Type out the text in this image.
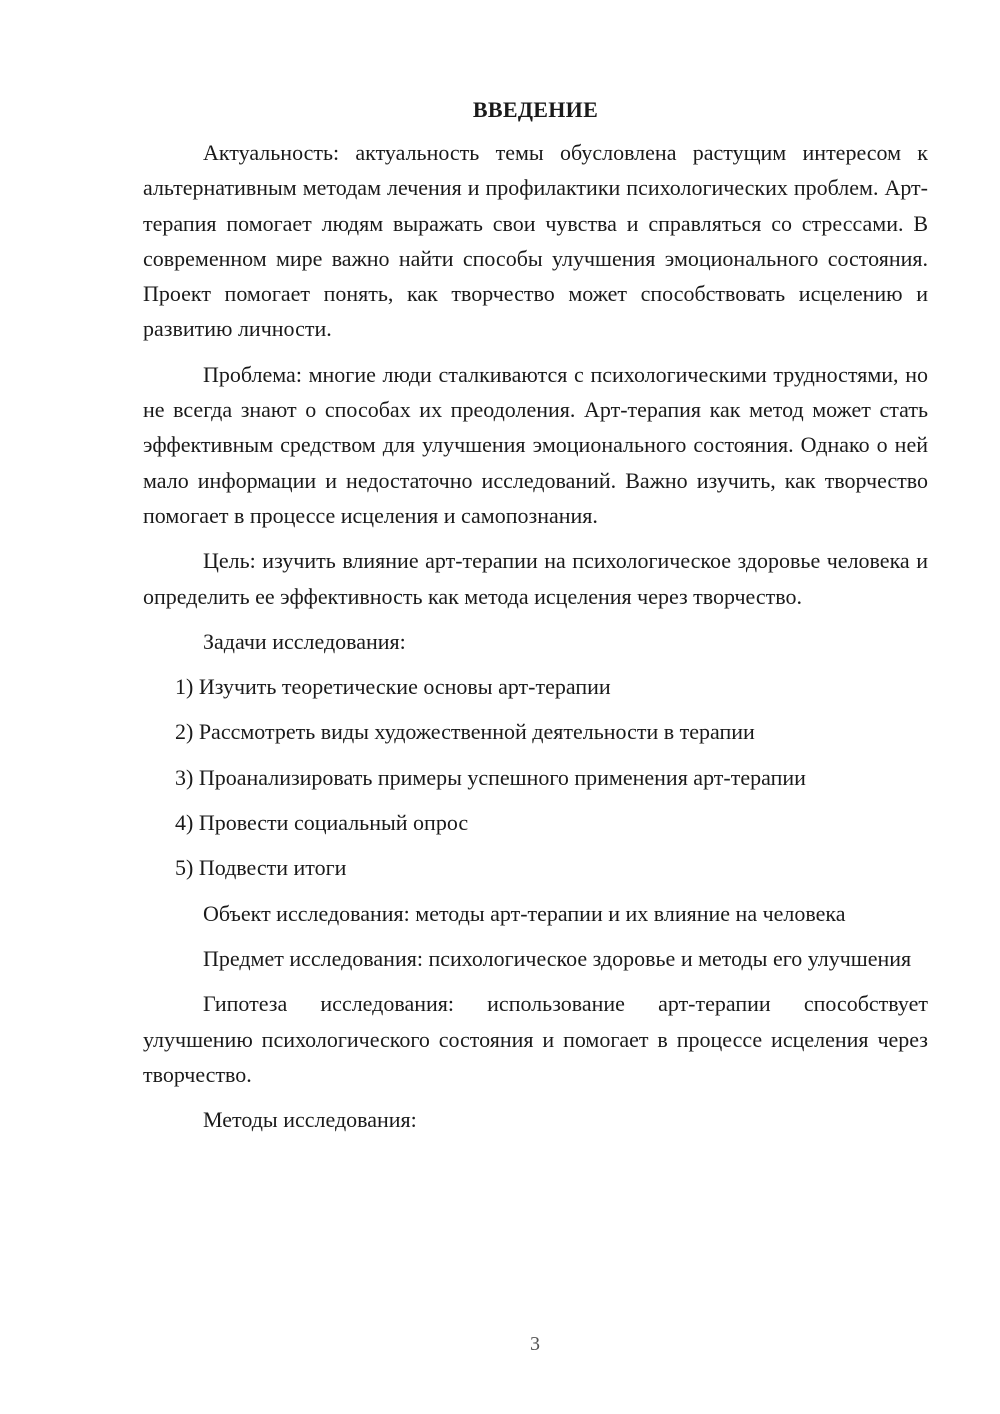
ВВЕДЕНИЕ

Актуальность: актуальность темы обусловлена растущим интересом к альтернативным методам лечения и профилактики психологических проблем. Арт-терапия помогает людям выражать свои чувства и справляться со стрессами. В современном мире важно найти способы улучшения эмоционального состояния. Проект помогает понять, как творчество может способствовать исцелению и развитию личности.

Проблема: многие люди сталкиваются с психологическими трудностями, но не всегда знают о способах их преодоления. Арт-терапия как метод может стать эффективным средством для улучшения эмоционального состояния. Однако о ней мало информации и недостаточно исследований. Важно изучить, как творчество помогает в процессе исцеления и самопознания.

Цель: изучить влияние арт-терапии на психологическое здоровье человека и определить ее эффективность как метода исцеления через творчество.

Задачи исследования:

1) Изучить теоретические основы арт-терапии
2) Рассмотреть виды художественной деятельности в терапии
3) Проанализировать примеры успешного применения арт-терапии
4) Провести социальный опрос
5) Подвести итоги

Объект исследования: методы арт-терапии и их влияние на человека

Предмет исследования: психологическое здоровье и методы его улучшения

Гипотеза исследования: использование арт-терапии способствует улучшению психологического состояния и помогает в процессе исцеления через творчество.

Методы исследования:

3
